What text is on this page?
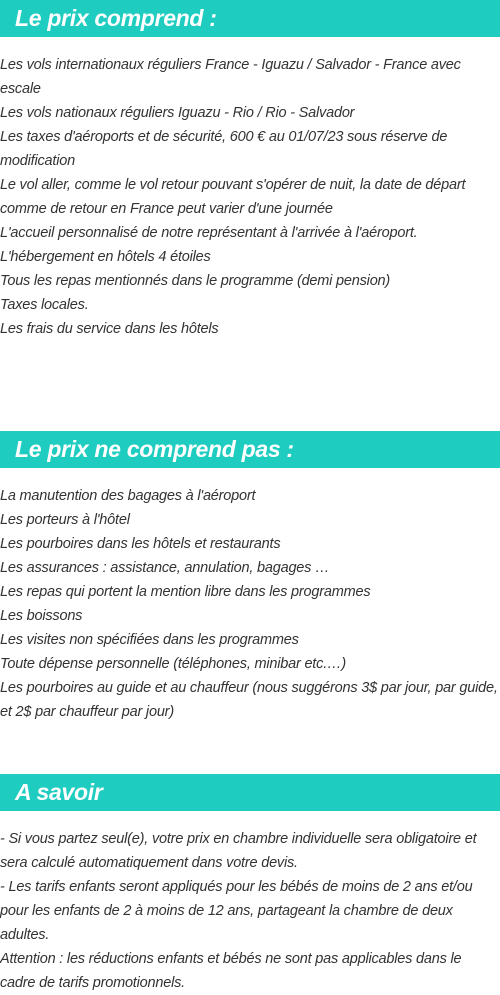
Le prix comprend :
Les vols internationaux réguliers France - Iguazu / Salvador - France avec escale
Les vols nationaux réguliers Iguazu - Rio / Rio - Salvador
Les taxes d'aéroports et de sécurité, 600 € au 01/07/23 sous réserve de modification
Le vol aller, comme le vol retour pouvant s'opérer de nuit, la date de départ comme de retour en France peut varier d'une journée
L'accueil personnalisé de notre représentant à l'arrivée à l'aéroport.
L'hébergement en hôtels 4 étoiles
Tous les repas mentionnés dans le programme (demi pension)
Taxes locales.
Les frais du service dans les hôtels
Le prix ne comprend pas :
La manutention des bagages à l'aéroport
Les porteurs à l'hôtel
Les pourboires dans les hôtels et restaurants
Les assurances : assistance, annulation, bagages …
Les repas qui portent la mention libre dans les programmes
Les boissons
Les visites non spécifiées dans les programmes
Toute dépense personnelle (téléphones, minibar etc.…)
Les pourboires au guide et au chauffeur (nous suggérons 3$ par jour, par guide, et 2$ par chauffeur par jour)
A savoir
- Si vous partez seul(e), votre prix en chambre individuelle sera obligatoire et sera calculé automatiquement dans votre devis.
- Les tarifs enfants seront appliqués pour les bébés de moins de 2 ans et/ou pour les enfants de 2 à moins de 12 ans, partageant la chambre de deux adultes.
Attention : les réductions enfants et bébés ne sont pas applicables dans le cadre de tarifs promotionnels.
